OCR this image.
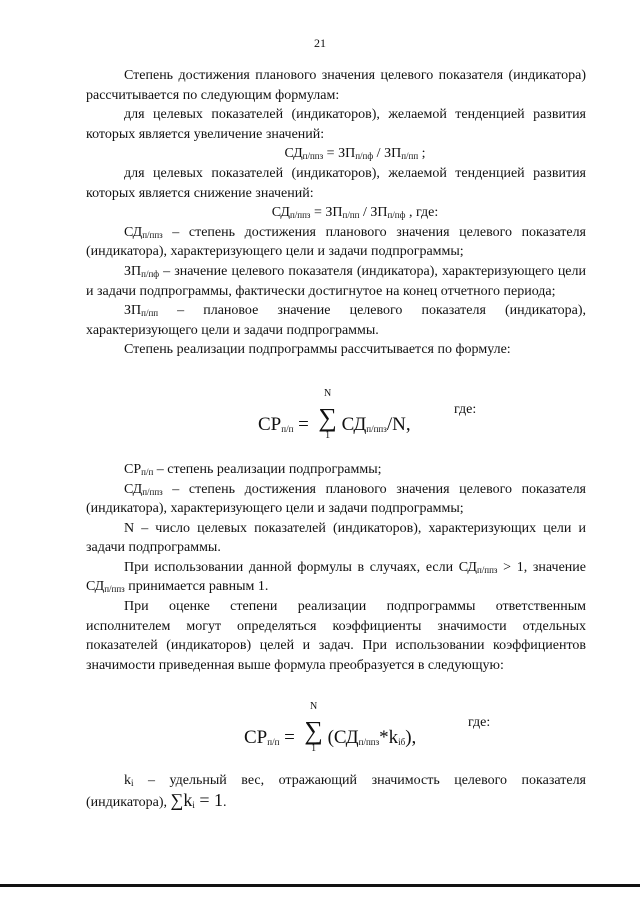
21

Степень достижения планового значения целевого показателя (индикатора) рассчитывается по следующим формулам:

для целевых показателей (индикаторов), желаемой тенденцией развития которых является увеличение значений:

$СД_{п/ппз} = ЗП_{п/пф} / ЗП_{п/пп}$ ;

для целевых показателей (индикаторов), желаемой тенденцией развития которых является снижение значений:

$СД_{п/ппз} = ЗП_{п/пп} / ЗП_{п/пф}$ , где:

$СД_{п/ппз}$ – степень достижения планового значения целевого показателя (индикатора), характеризующего цели и задачи подпрограммы;

$ЗП_{п/пф}$ – значение целевого показателя (индикатора), характеризующего цели и задачи подпрограммы, фактически достигнутое на конец отчетного периода;

$ЗП_{п/пп}$ – плановое значение целевого показателя (индикатора), характеризующего цели и задачи подпрограммы.

Степень реализации подпрограммы рассчитывается по формуле:

$СР_{п/п}$ =
N
∑
1
$СД_{п/ппз}/N$,
где:

$СР_{п/п}$ – степень реализации подпрограммы;

$СД_{п/ппз}$ – степень достижения планового значения целевого показателя (индикатора), характеризующего цели и задачи подпрограммы;

N – число целевых показателей (индикаторов), характеризующих цели и задачи подпрограммы.

При использовании данной формулы в случаях, если $СД_{п/ппз} > 1$, значение $СД_{п/ппз}$ принимается равным 1.

При оценке степени реализации подпрограммы ответственным исполнителем могут определяться коэффициенты значимости отдельных показателей (индикаторов) целей и задач. При использовании коэффициентов значимости приведенная выше формула преобразуется в следующую:

$СР_{п/п}$ =
N
∑
1
$(СД_{п/ппз}*k_{iб})$,
где:

$k_i$ – удельный вес, отражающий значимость целевого показателя (индикатора), $\sum k_i = 1$.
